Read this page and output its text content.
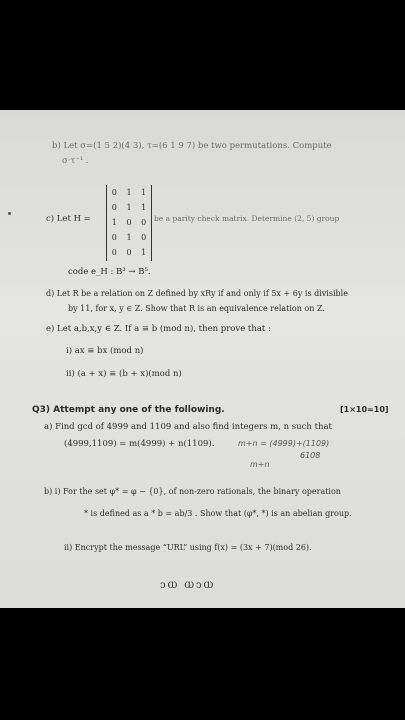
b) Let σ=(1 5 2)(4 3), τ=(6 1 9 7) be two permutations. Compute
σ·τ⁻¹ .
c) Let H =
0 1 1
0 1 1
1 0 0
0 1 0
0 0 1
be a parity check matrix. Determine (2, 5) group
code e_H : B³ → B⁵.
d) Let R be a relation on Z defined by xRy if and only if 5x + 6y is divisible
by 11, for x, y ∈ Z. Show that R is an equivalence relation on Z.
e) Let a,b,x,y ∈ Z. If a ≡ b (mod n), then prove that :
i) ax ≡ bx (mod n)
ii) (a + x) ≡ (b + x)(mod n)
Q3) Attempt any one of the following.	[1×10=10]
a) Find gcd of 4999 and 1109 and also find integers m, n such that
(4999,1109) = m(4999) + n(1109).	m+n = (4999)+(1109)
6108
m+n
b) i) For the set φ* = φ − {0}, of non-zero rationals, the binary operation
* is defined as a * b = ab/3 . Show that (φ*, *) is an abelian group.
ii) Encrypt the message “URL” using f(x) = (3x + 7)(mod 26).
ↄⲰ ⲰↄⲰ
